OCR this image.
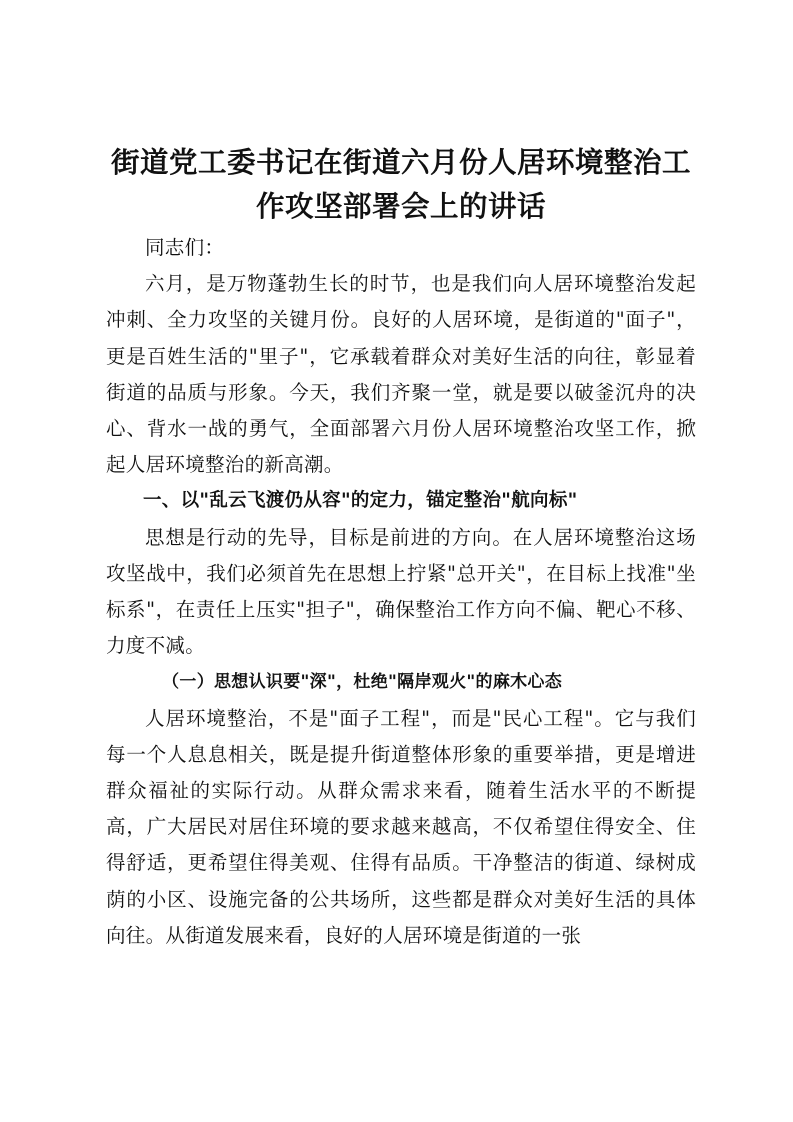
街道党工委书记在街道六月份人居环境整治工
作攻坚部署会上的讲话

同志们：

六月，是万物蓬勃生长的时节，也是我们向人居环境整治发起冲刺、全力攻坚的关键月份。良好的人居环境，是街道的"面子"，更是百姓生活的"里子"，它承载着群众对美好生活的向往，彰显着街道的品质与形象。今天，我们齐聚一堂，就是要以破釜沉舟的决心、背水一战的勇气，全面部署六月份人居环境整治攻坚工作，掀起人居环境整治的新高潮。

一、以"乱云飞渡仍从容"的定力，锚定整治"航向标"

思想是行动的先导，目标是前进的方向。在人居环境整治这场攻坚战中，我们必须首先在思想上拧紧"总开关"，在目标上找准"坐标系"，在责任上压实"担子"，确保整治工作方向不偏、靶心不移、力度不减。

（一）思想认识要"深"，杜绝"隔岸观火"的麻木心态

人居环境整治，不是"面子工程"，而是"民心工程"。它与我们每一个人息息相关，既是提升街道整体形象的重要举措，更是增进群众福祉的实际行动。从群众需求来看，随着生活水平的不断提高，广大居民对居住环境的要求越来越高，不仅希望住得安全、住得舒适，更希望住得美观、住得有品质。干净整洁的街道、绿树成荫的小区、设施完备的公共场所，这些都是群众对美好生活的具体向往。从街道发展来看，良好的人居环境是街道的一张
